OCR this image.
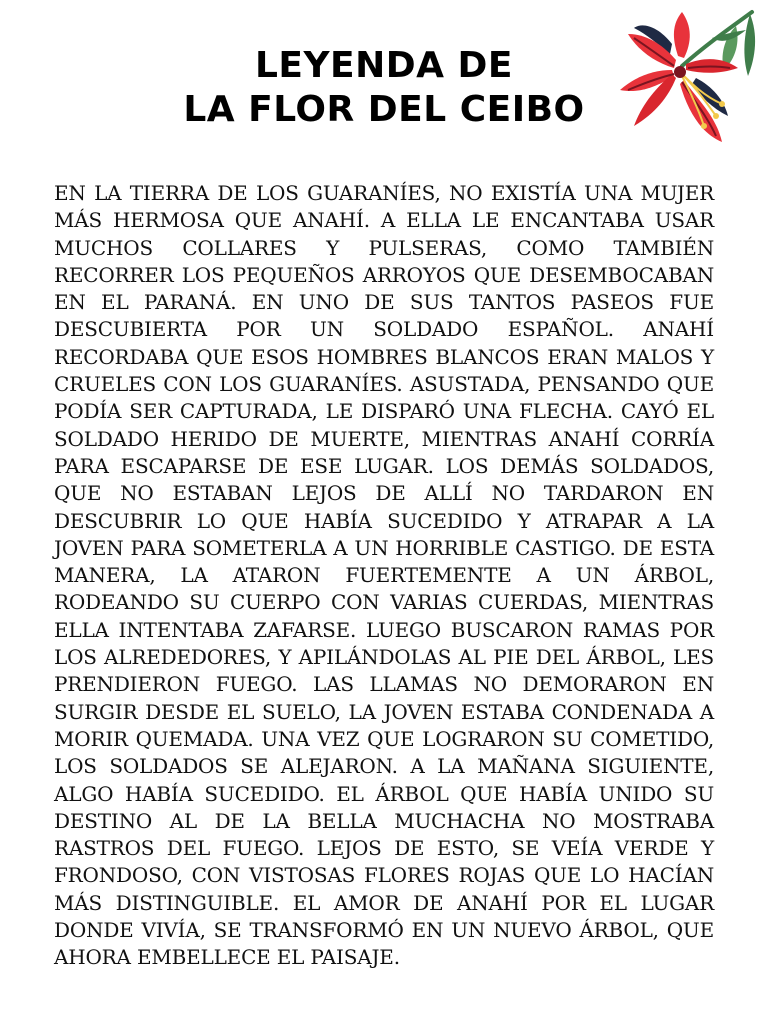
LEYENDA DE
LA FLOR DEL CEIBO

EN LA TIERRA DE LOS GUARANÍES, NO EXISTÍA UNA MUJER MÁS HERMOSA QUE ANAHÍ. A ELLA LE ENCANTABA USAR MUCHOS COLLARES Y PULSERAS, COMO TAMBIÉN RECORRER LOS PEQUEÑOS ARROYOS QUE DESEMBOCABAN EN EL PARANÁ. EN UNO DE SUS TANTOS PASEOS FUE DESCUBIERTA POR UN SOLDADO ESPAÑOL. ANAHÍ RECORDABA QUE ESOS HOMBRES BLANCOS ERAN MALOS Y CRUELES CON LOS GUARANÍES. ASUSTADA, PENSANDO QUE PODÍA SER CAPTURADA, LE DISPARÓ UNA FLECHA. CAYÓ EL SOLDADO HERIDO DE MUERTE, MIENTRAS ANAHÍ CORRÍA PARA ESCAPARSE DE ESE LUGAR. LOS DEMÁS SOLDADOS, QUE NO ESTABAN LEJOS DE ALLÍ NO TARDARON EN DESCUBRIR LO QUE HABÍA SUCEDIDO Y ATRAPAR A LA JOVEN PARA SOMETERLA A UN HORRIBLE CASTIGO. DE ESTA MANERA, LA ATARON FUERTEMENTE A UN ÁRBOL, RODEANDO SU CUERPO CON VARIAS CUERDAS, MIENTRAS ELLA INTENTABA ZAFARSE. LUEGO BUSCARON RAMAS POR LOS ALREDEDORES, Y APILÁNDOLAS AL PIE DEL ÁRBOL, LES PRENDIERON FUEGO. LAS LLAMAS NO DEMORARON EN SURGIR DESDE EL SUELO, LA JOVEN ESTABA CONDENADA A MORIR QUEMADA. UNA VEZ QUE LOGRARON SU COMETIDO, LOS SOLDADOS SE ALEJARON. A LA MAÑANA SIGUIENTE, ALGO HABÍA SUCEDIDO. EL ÁRBOL QUE HABÍA UNIDO SU DESTINO AL DE LA BELLA MUCHACHA NO MOSTRABA RASTROS DEL FUEGO. LEJOS DE ESTO, SE VEÍA VERDE Y FRONDOSO, CON VISTOSAS FLORES ROJAS QUE LO HACÍAN MÁS DISTINGUIBLE. EL AMOR DE ANAHÍ POR EL LUGAR DONDE VIVÍA, SE TRANSFORMÓ EN UN NUEVO ÁRBOL, QUE AHORA EMBELLECE EL PAISAJE.
